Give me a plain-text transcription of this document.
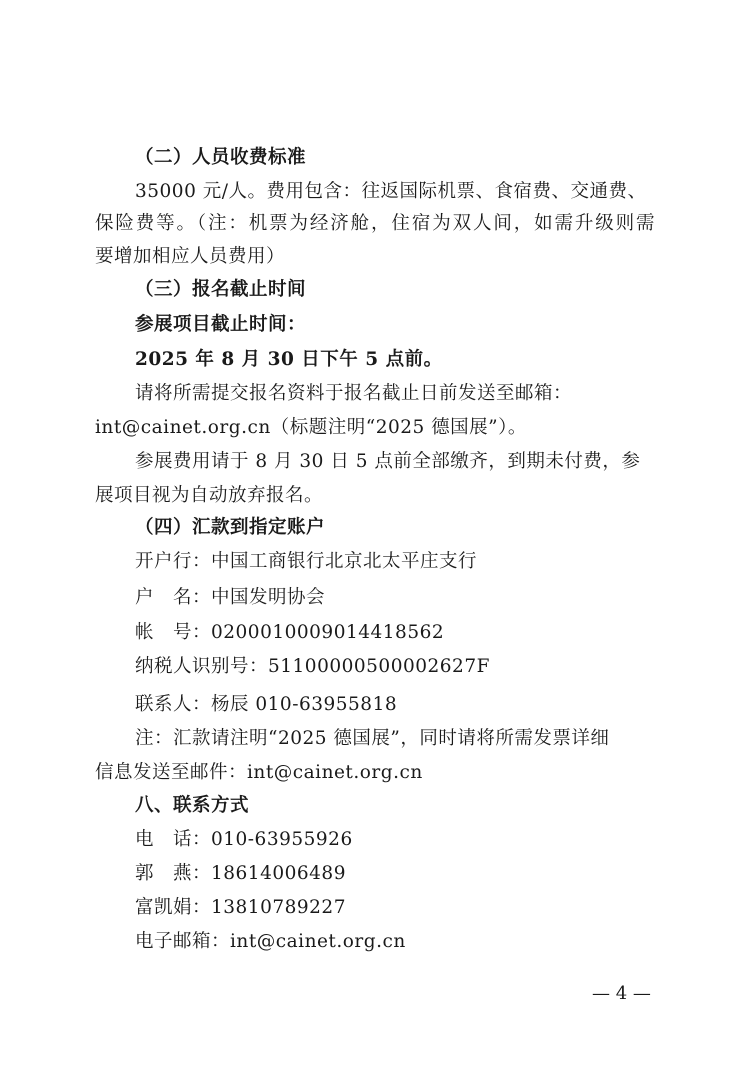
（二）人员收费标准
35000 元/人。费用包含：往返国际机票、食宿费、交通费、
保险费等。（注：机票为经济舱，住宿为双人间，如需升级则需
要增加相应人员费用）
（三）报名截止时间
参展项目截止时间：
2025 年 8 月 30 日下午 5 点前。
请将所需提交报名资料于报名截止日前发送至邮箱：
int@cainet.org.cn（标题注明“2025 德国展”）。
参展费用请于 8 月 30 日 5 点前全部缴齐，到期未付费，参
展项目视为自动放弃报名。
（四）汇款到指定账户
开户行：中国工商银行北京北太平庄支行
户　名：中国发明协会
帐　号：0200010009014418562
纳税人识别号：51100000500002627F
联系人：杨辰 010-63955818
注：汇款请注明“2025 德国展”，同时请将所需发票详细
信息发送至邮件：int@cainet.org.cn
八、联系方式
电　话：010-63955926
郭　燕：18614006489
富凯娟：13810789227
电子邮箱：int@cainet.org.cn
— 4 —
